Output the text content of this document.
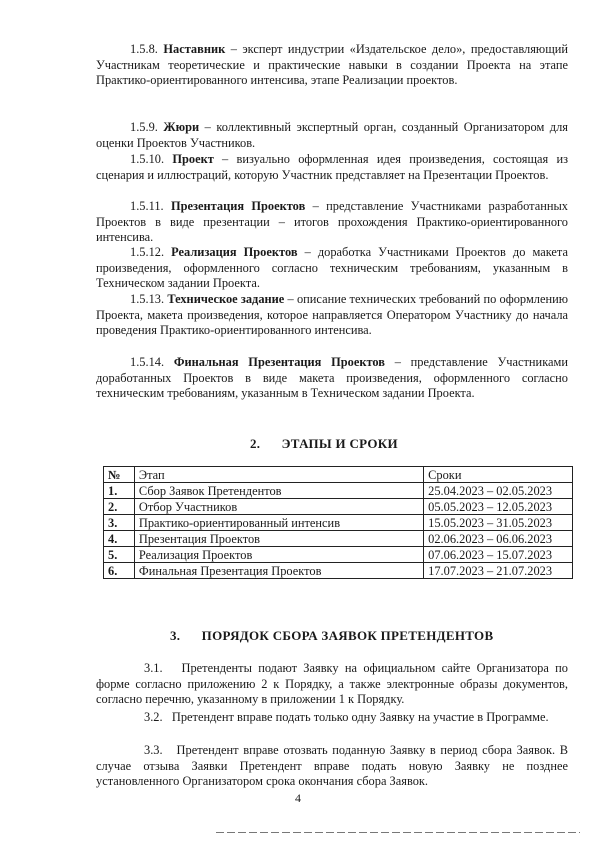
1.5.8. Наставник – эксперт индустрии «Издательское дело», предоставляющий Участникам теоретические и практические навыки в создании Проекта на этапе Практико-ориентированного интенсива, этапе Реализации проектов.

1.5.9. Жюри – коллективный экспертный орган, созданный Организатором для оценки Проектов Участников.

1.5.10. Проект – визуально оформленная идея произведения, состоящая из сценария и иллюстраций, которую Участник представляет на Презентации Проектов.

1.5.11. Презентация Проектов – представление Участниками разработанных Проектов в виде презентации – итогов прохождения Практико-ориентированного интенсива.

1.5.12. Реализация Проектов – доработка Участниками Проектов до макета произведения, оформленного согласно техническим требованиям, указанным в Техническом задании Проекта.

1.5.13. Техническое задание – описание технических требований по оформлению Проекта, макета произведения, которое направляется Оператором Участнику до начала проведения Практико-ориентированного интенсива.

1.5.14. Финальная Презентация Проектов – представление Участниками доработанных Проектов в виде макета произведения, оформленного согласно техническим требованиям, указанным в Техническом задании Проекта.

2. ЭТАПЫ И СРОКИ
№	Этап	Сроки
1.	Сбор Заявок Претендентов	25.04.2023 – 02.05.2023
2.	Отбор Участников	05.05.2023 – 12.05.2023
3.	Практико-ориентированный интенсив	15.05.2023 – 31.05.2023
4.	Презентация Проектов	02.06.2023 – 06.06.2023
5.	Реализация Проектов	07.06.2023 – 15.07.2023
6.	Финальная Презентация Проектов	17.07.2023 – 21.07.2023
3. ПОРЯДОК СБОРА ЗАЯВОК ПРЕТЕНДЕНТОВ

3.1. Претенденты подают Заявку на официальном сайте Организатора по форме согласно приложению 2 к Порядку, а также электронные образы документов, согласно перечню, указанному в приложении 1 к Порядку.

3.2. Претендент вправе подать только одну Заявку на участие в Программе.

3.3. Претендент вправе отозвать поданную Заявку в период сбора Заявок. В случае отзыва Заявки Претендент вправе подать новую Заявку не позднее установленного Организатором срока окончания сбора Заявок.

4
